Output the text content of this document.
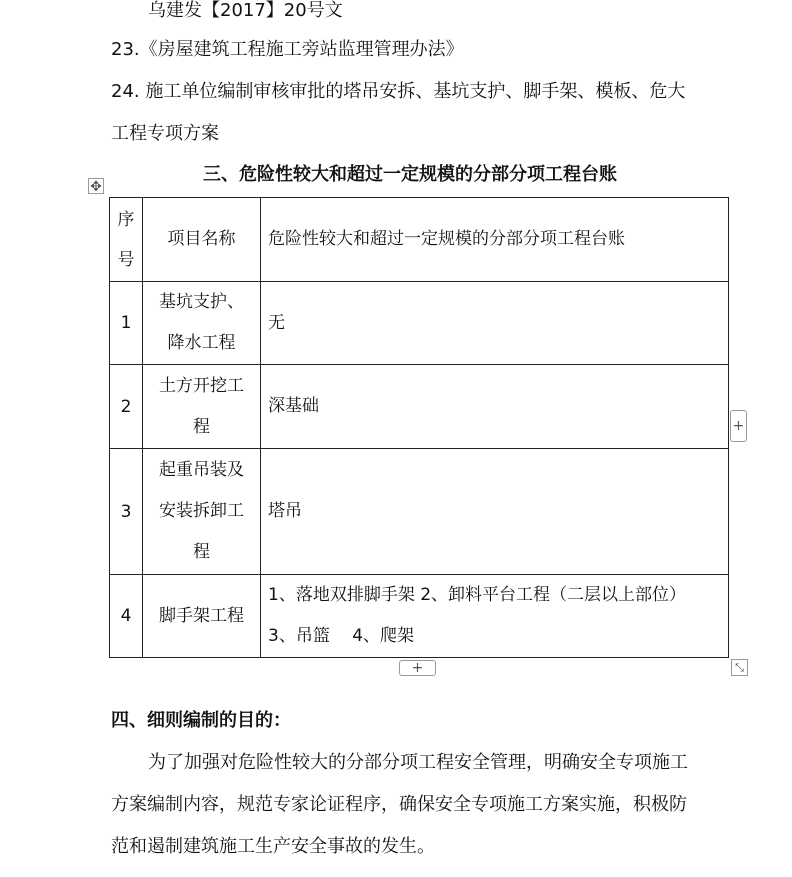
乌建发【2017】20号文
23.《房屋建筑工程施工旁站监理管理办法》
24. 施工单位编制审核审批的塔吊安拆、基坑支护、脚手架、模板、危大
工程专项方案
✥
三、危险性较大和超过一定规模的分部分项工程台账
序
号	项目名称	危险性较大和超过一定规模的分部分项工程台账

1	基坑支护、
降水工程	无

2	土方开挖工
程	深基础

3	起重吊装及
安装拆卸工
程	塔吊

4	脚手架工程	1、落地双排脚手架 2、卸料平台工程（二层以上部位）
3、吊篮　 4、爬架
+
+	⤡
四、细则编制的目的：
为了加强对危险性较大的分部分项工程安全管理，明确安全专项施工
方案编制内容，规范专家论证程序，确保安全专项施工方案实施，积极防
范和遏制建筑施工生产安全事故的发生。
